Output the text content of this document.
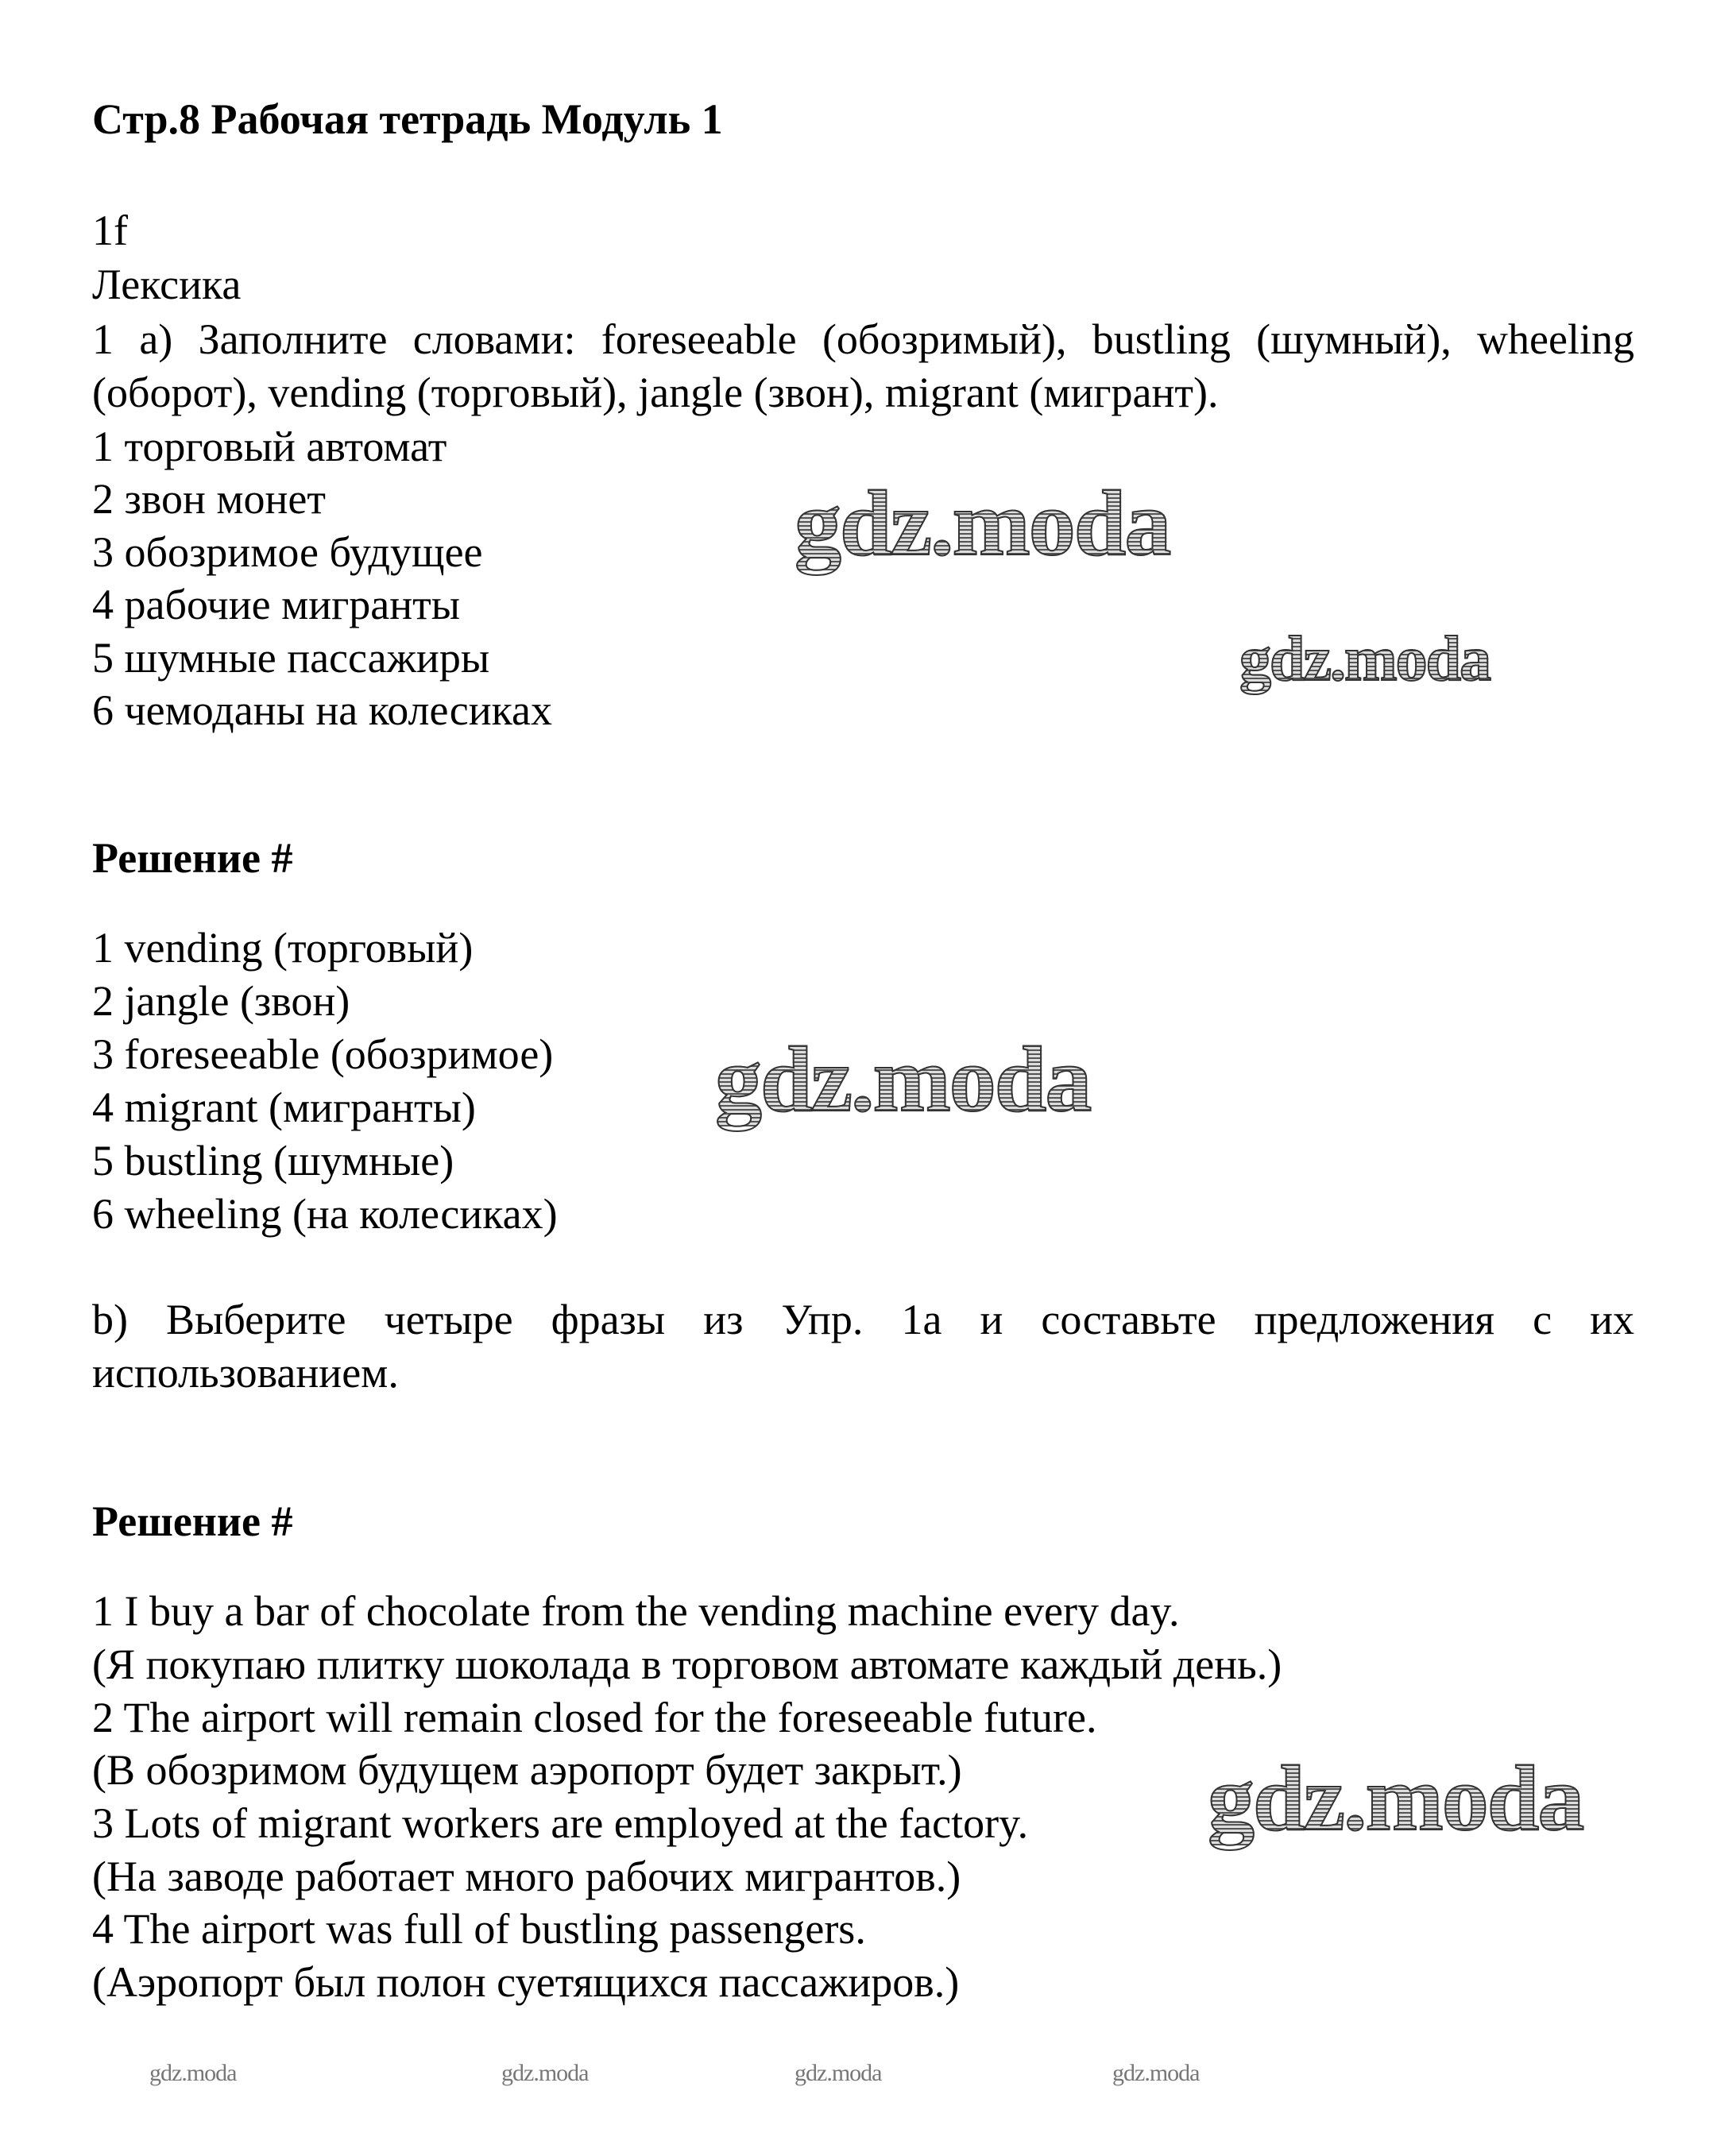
Стр.8 Рабочая тетрадь Модуль 1
1f
Лексика
1 a) Заполните словами: foreseeable (обозримый), bustling (шумный), wheeling (оборот), vending (торговый), jangle (звон), migrant (мигрант).
1 торговый автомат
2 звон монет
3 обозримое будущее
4 рабочие мигранты
5 шумные пассажиры
6 чемоданы на колесиках
Решение #
1 vending (торговый)
2 jangle (звон)
3 foreseeable (обозримое)
4 migrant (мигранты)
5 bustling (шумные)
6 wheeling (на колесиках)
b) Выберите четыре фразы из Упр. 1a и составьте предложения с их использованием.
Решение #
1 I buy a bar of chocolate from the vending machine every day.
(Я покупаю плитку шоколада в торговом автомате каждый день.)
2 The airport will remain closed for the foreseeable future.
(В обозримом будущем аэропорт будет закрыт.)
3 Lots of migrant workers are employed at the factory.
(На заводе работает много рабочих мигрантов.)
4 The airport was full of bustling passengers.
(Аэропорт был полон суетящихся пассажиров.)
gdz.moda
gdz.moda
gdz.moda
gdz.moda
gdz.moda	gdz.moda	gdz.moda	gdz.moda
